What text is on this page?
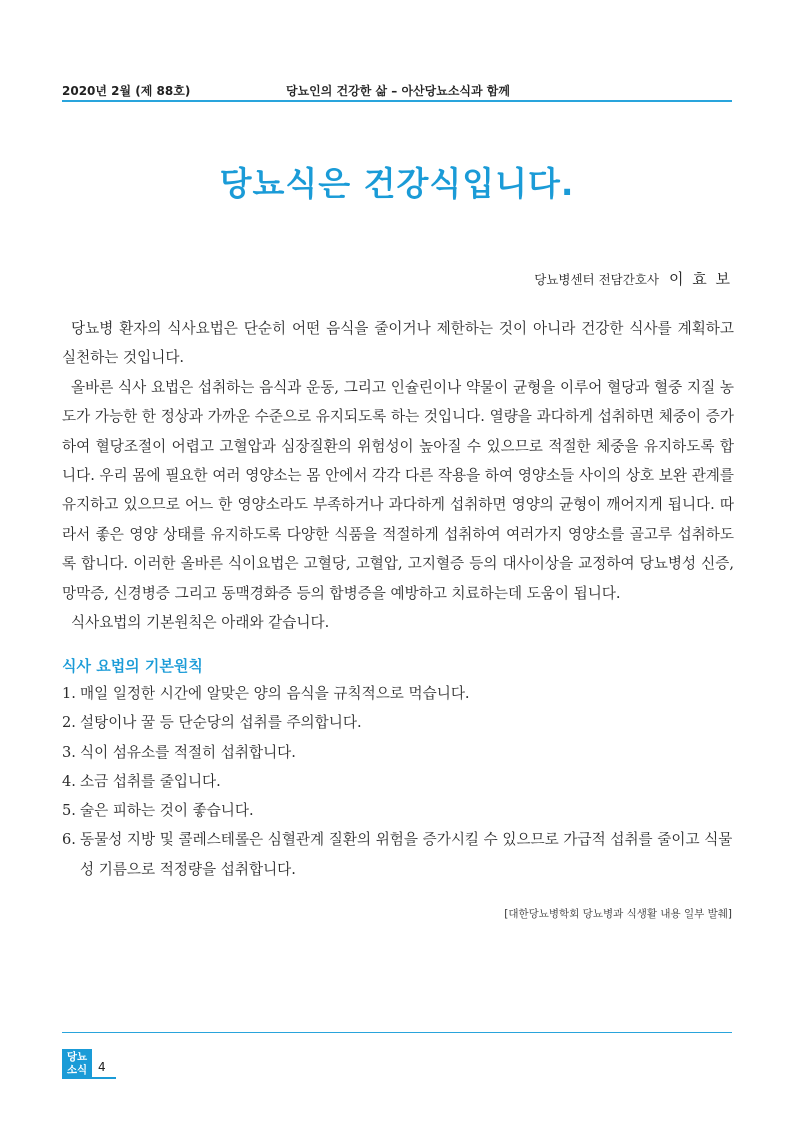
2020년 2월 (제 88호)	당뇨인의 건강한 삶 – 아산당뇨소식과 함께
당뇨식은 건강식입니다.
당뇨병센터 전담간호사 이 효 보

당뇨병 환자의 식사요법은 단순히 어떤 음식을 줄이거나 제한하는 것이 아니라 건강한 식사를 계획하고 실천하는 것입니다.

올바른 식사 요법은 섭취하는 음식과 운동, 그리고 인슐린이나 약물이 균형을 이루어 혈당과 혈중 지질 농도가 가능한 한 정상과 가까운 수준으로 유지되도록 하는 것입니다. 열량을 과다하게 섭취하면 체중이 증가하여 혈당조절이 어렵고 고혈압과 심장질환의 위험성이 높아질 수 있으므로 적절한 체중을 유지하도록 합니다. 우리 몸에 필요한 여러 영양소는 몸 안에서 각각 다른 작용을 하여 영양소들 사이의 상호 보완 관계를 유지하고 있으므로 어느 한 영양소라도 부족하거나 과다하게 섭취하면 영양의 균형이 깨어지게 됩니다. 따라서 좋은 영양 상태를 유지하도록 다양한 식품을 적절하게 섭취하여 여러가지 영양소를 골고루 섭취하도록 합니다. 이러한 올바른 식이요법은 고혈당, 고혈압, 고지혈증 등의 대사이상을 교정하여 당뇨병성 신증, 망막증, 신경병증 그리고 동맥경화증 등의 합병증을 예방하고 치료하는데 도움이 됩니다.

식사요법의 기본원칙은 아래와 같습니다.

식사 요법의 기본원칙
1. 매일 일정한 시간에 알맞은 양의 음식을 규칙적으로 먹습니다.
2. 설탕이나 꿀 등 단순당의 섭취를 주의합니다.
3. 식이 섬유소를 적절히 섭취합니다.
4. 소금 섭취를 줄입니다.
5. 술은 피하는 것이 좋습니다.
6. 동물성 지방 및 콜레스테롤은 심혈관계 질환의 위험을 증가시킬 수 있으므로 가급적 섭취를 줄이고 식물성 기름으로 적정량을 섭취합니다.
[대한당뇨병학회 당뇨병과 식생활 내용 일부 발췌]
당뇨
소식 4
